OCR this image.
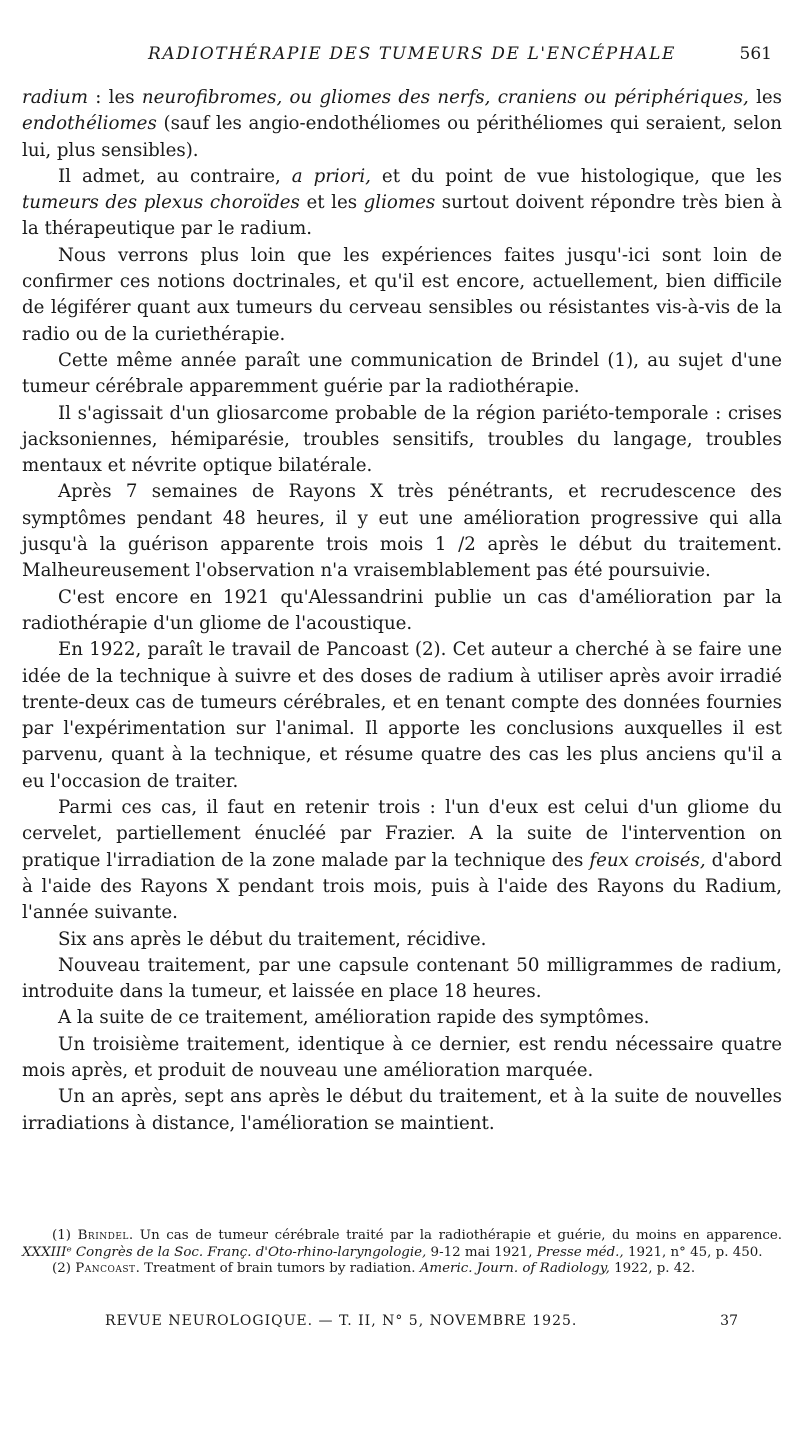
RADIOTHÉRAPIE DES TUMEURS DE L'ENCÉPHALE	561

radium : les neurofibromes, ou gliomes des nerfs, craniens ou périphériques, les endothéliomes (sauf les angio-endothéliomes ou périthéliomes qui seraient, selon lui, plus sensibles).

Il admet, au contraire, a priori, et du point de vue histologique, que les tumeurs des plexus choroïdes et les gliomes surtout doivent répondre très bien à la thérapeutique par le radium.

Nous verrons plus loin que les expériences faites jusqu'-ici sont loin de confirmer ces notions doctrinales, et qu'il est encore, actuellement, bien difficile de légiférer quant aux tumeurs du cerveau sensibles ou résistantes vis-à-vis de la radio ou de la curiethérapie.

Cette même année paraît une communication de Brindel (1), au sujet d'une tumeur cérébrale apparemment guérie par la radiothérapie.

Il s'agissait d'un gliosarcome probable de la région pariéto-temporale : crises jacksoniennes, hémiparésie, troubles sensitifs, troubles du langage, troubles mentaux et névrite optique bilatérale.

Après 7 semaines de Rayons X très pénétrants, et recrudescence des symptômes pendant 48 heures, il y eut une amélioration progressive qui alla jusqu'à la guérison apparente trois mois 1 /2 après le début du traitement. Malheureusement l'observation n'a vraisemblablement pas été poursuivie.

C'est encore en 1921 qu'Alessandrini publie un cas d'amélioration par la radiothérapie d'un gliome de l'acoustique.

En 1922, paraît le travail de Pancoast (2). Cet auteur a cherché à se faire une idée de la technique à suivre et des doses de radium à utiliser après avoir irradié trente-deux cas de tumeurs cérébrales, et en tenant compte des données fournies par l'expérimentation sur l'animal. Il apporte les conclusions auxquelles il est parvenu, quant à la technique, et résume quatre des cas les plus anciens qu'il a eu l'occasion de traiter.

Parmi ces cas, il faut en retenir trois : l'un d'eux est celui d'un gliome du cervelet, partiellement énucléé par Frazier. A la suite de l'intervention on pratique l'irradiation de la zone malade par la technique des feux croisés, d'abord à l'aide des Rayons X pendant trois mois, puis à l'aide des Rayons du Radium, l'année suivante.

Six ans après le début du traitement, récidive.

Nouveau traitement, par une capsule contenant 50 milligrammes de radium, introduite dans la tumeur, et laissée en place 18 heures.

A la suite de ce traitement, amélioration rapide des symptômes.

Un troisième traitement, identique à ce dernier, est rendu nécessaire quatre mois après, et produit de nouveau une amélioration marquée.

Un an après, sept ans après le début du traitement, et à la suite de nouvelles irradiations à distance, l'amélioration se maintient.

(1) Brindel. Un cas de tumeur cérébrale traité par la radiothérapie et guérie, du moins en apparence. XXXIIIᵉ Congrès de la Soc. Franç. d'Oto-rhino-laryngologie, 9-12 mai 1921, Presse méd., 1921, n° 45, p. 450.

(2) Pancoast. Treatment of brain tumors by radiation. Americ. Journ. of Radiology, 1922, p. 42.

REVUE NEUROLOGIQUE. — T. II, N° 5, NOVEMBRE 1925.	37
